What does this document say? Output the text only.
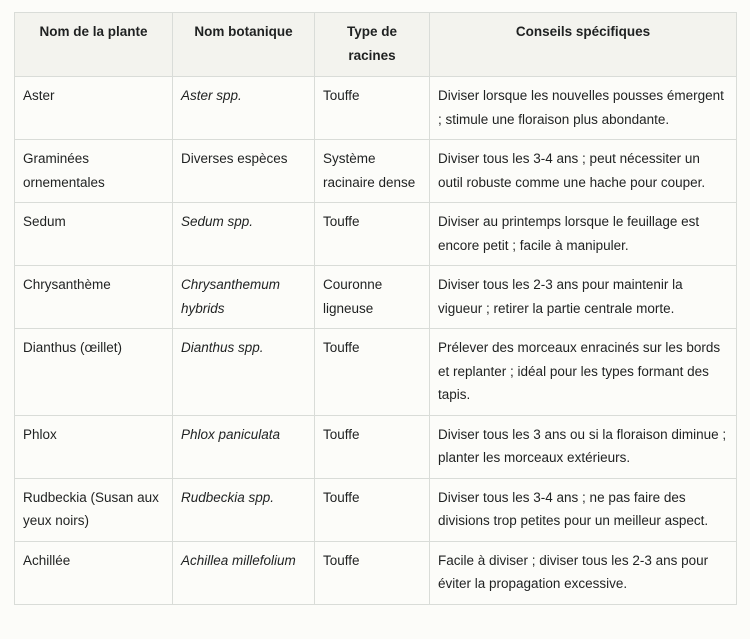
Nom de la plante	Nom botanique	Type de racines	Conseils spécifiques
Aster	Aster spp.	Touffe	Diviser lorsque les nouvelles pousses émergent ; stimule une floraison plus abondante.
Graminées ornementales	Diverses espèces	Système racinaire dense	Diviser tous les 3-4 ans ; peut nécessiter un outil robuste comme une hache pour couper.
Sedum	Sedum spp.	Touffe	Diviser au printemps lorsque le feuillage est encore petit ; facile à manipuler.
Chrysanthème	Chrysanthemum hybrids	Couronne ligneuse	Diviser tous les 2-3 ans pour maintenir la vigueur ; retirer la partie centrale morte.
Dianthus (œillet)	Dianthus spp.	Touffe	Prélever des morceaux enracinés sur les bords et replanter ; idéal pour les types formant des tapis.
Phlox	Phlox paniculata	Touffe	Diviser tous les 3 ans ou si la floraison diminue ; planter les morceaux extérieurs.
Rudbeckia (Susan aux yeux noirs)	Rudbeckia spp.	Touffe	Diviser tous les 3-4 ans ; ne pas faire des divisions trop petites pour un meilleur aspect.
Achillée	Achillea millefolium	Touffe	Facile à diviser ; diviser tous les 2-3 ans pour éviter la propagation excessive.
